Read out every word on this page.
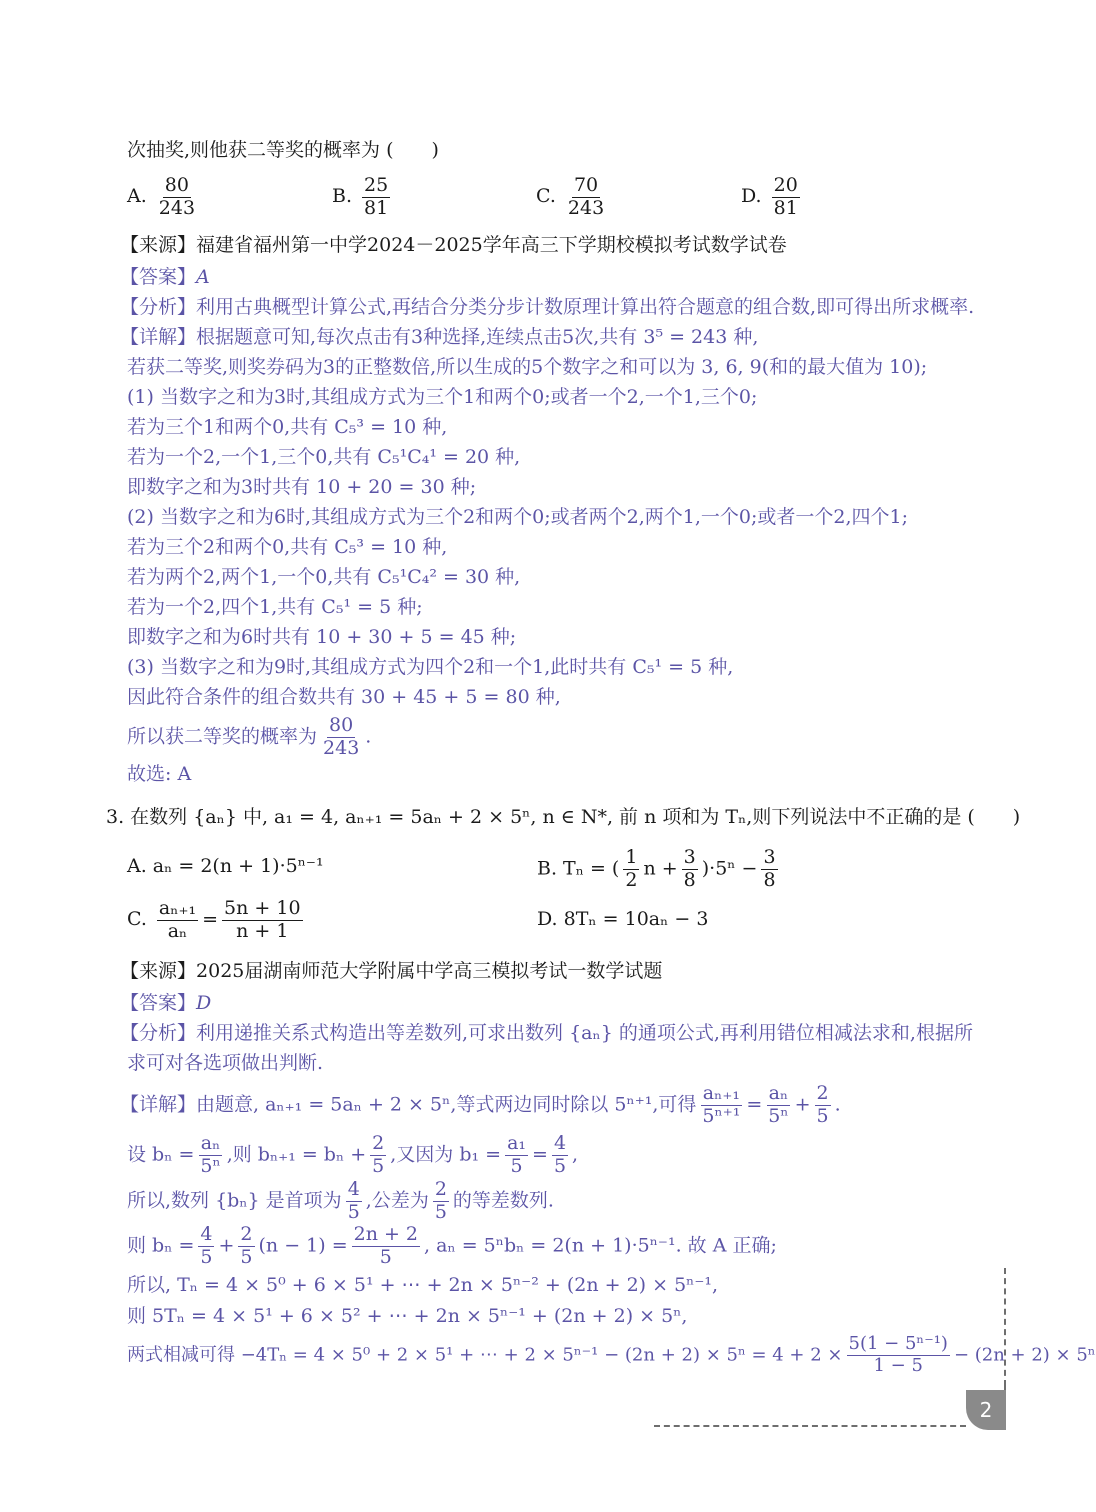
次抽奖,则他获二等奖的概率为 (　　)
A. $\frac{80}{243}$	B. $\frac{25}{81}$	C. $\frac{70}{243}$	D. $\frac{20}{81}$
【来源】福建省福州第一中学2024－2025学年高三下学期校模拟考试数学试卷
【答案】A
【分析】利用古典概型计算公式,再结合分类分步计数原理计算出符合题意的组合数,即可得出所求概率.
【详解】根据题意可知,每次点击有3种选择,连续点击5次,共有 3⁵ = 243 种,
若获二等奖,则奖券码为3的正整数倍,所以生成的5个数字之和可以为 3, 6, 9(和的最大值为 10);
(1) 当数字之和为3时,其组成方式为三个1和两个0;或者一个2,一个1,三个0;
若为三个1和两个0,共有 C₅³ = 10 种,
若为一个2,一个1,三个0,共有 C₅¹C₄¹ = 20 种,
即数字之和为3时共有 10 + 20 = 30 种;
(2) 当数字之和为6时,其组成方式为三个2和两个0;或者两个2,两个1,一个0;或者一个2,四个1;
若为三个2和两个0,共有 C₅³ = 10 种,
若为两个2,两个1,一个0,共有 C₅¹C₄² = 30 种,
若为一个2,四个1,共有 C₅¹ = 5 种;
即数字之和为6时共有 10 + 30 + 5 = 45 种;
(3) 当数字之和为9时,其组成方式为四个2和一个1,此时共有 C₅¹ = 5 种,
因此符合条件的组合数共有 30 + 45 + 5 = 80 种,
所以获二等奖的概率为 $\frac{80}{243}$ .
故选: A
3. 在数列 {aₙ} 中, a₁ = 4, aₙ₊₁ = 5aₙ + 2 × 5ⁿ, n ∈ N*, 前 n 项和为 Tₙ,则下列说法中不正确的是 (　　)
A. aₙ = 2(n + 1)·5ⁿ⁻¹	B. Tₙ = ( $\frac{1}{2}$ $n + \frac{3}{8} )\cdot 5^n - \frac{3}{8}$
C. $\frac{\text{aₙ₊₁}}{\text{aₙ}} = \frac{5n + 10}{n + 1}$	D. 8Tₙ = 10aₙ − 3
【来源】2025届湖南师范大学附属中学高三模拟考试一数学试题
【答案】D
【分析】利用递推关系式构造出等差数列,可求出数列 {aₙ} 的通项公式,再利用错位相减法求和,根据所
求可对各选项做出判断.
【详解】由题意, aₙ₊₁ = 5aₙ + 2 × 5ⁿ,等式两边同时除以 5ⁿ⁺¹,可得 $\frac{\text{aₙ₊₁}}{\text{5ⁿ⁺¹}} = \frac{\text{aₙ}}{\text{5ⁿ}} + \frac{2}{5}$ .
设 $b_n = \frac{\text{aₙ}}{\text{5ⁿ}}$ ,则 $b_{n+1} = b_n + \frac{2}{5}$ ,又因为 $b_1 = \frac{\text{a₁}}{5} = \frac{4}{5}$ ,
所以,数列 {bₙ} 是首项为 $\frac{4}{5}$ ,公差为 $\frac{2}{5}$ 的等差数列.
则 $b_n = \frac{4}{5} + \frac{2}{5} (n - 1) = \frac{2n + 2}{5}$ , aₙ = 5ⁿbₙ = 2(n + 1)·5ⁿ⁻¹. 故 A 正确;
所以, Tₙ = 4 × 5⁰ + 6 × 5¹ + ⋯ + 2n × 5ⁿ⁻² + (2n + 2) × 5ⁿ⁻¹,
则 5Tₙ = 4 × 5¹ + 6 × 5² + ⋯ + 2n × 5ⁿ⁻¹ + (2n + 2) × 5ⁿ,
两式相减可得 −4Tₙ = 4 × 5⁰ + 2 × 5¹ + ⋯ + $2 \times 5^{n-1} - (2n + 2) \times 5^n = 4 + 2 \times \frac{\text{5(1 − 5ⁿ⁻¹)}}{1 - 5} - (2n + 2) \times 5^n$
2
